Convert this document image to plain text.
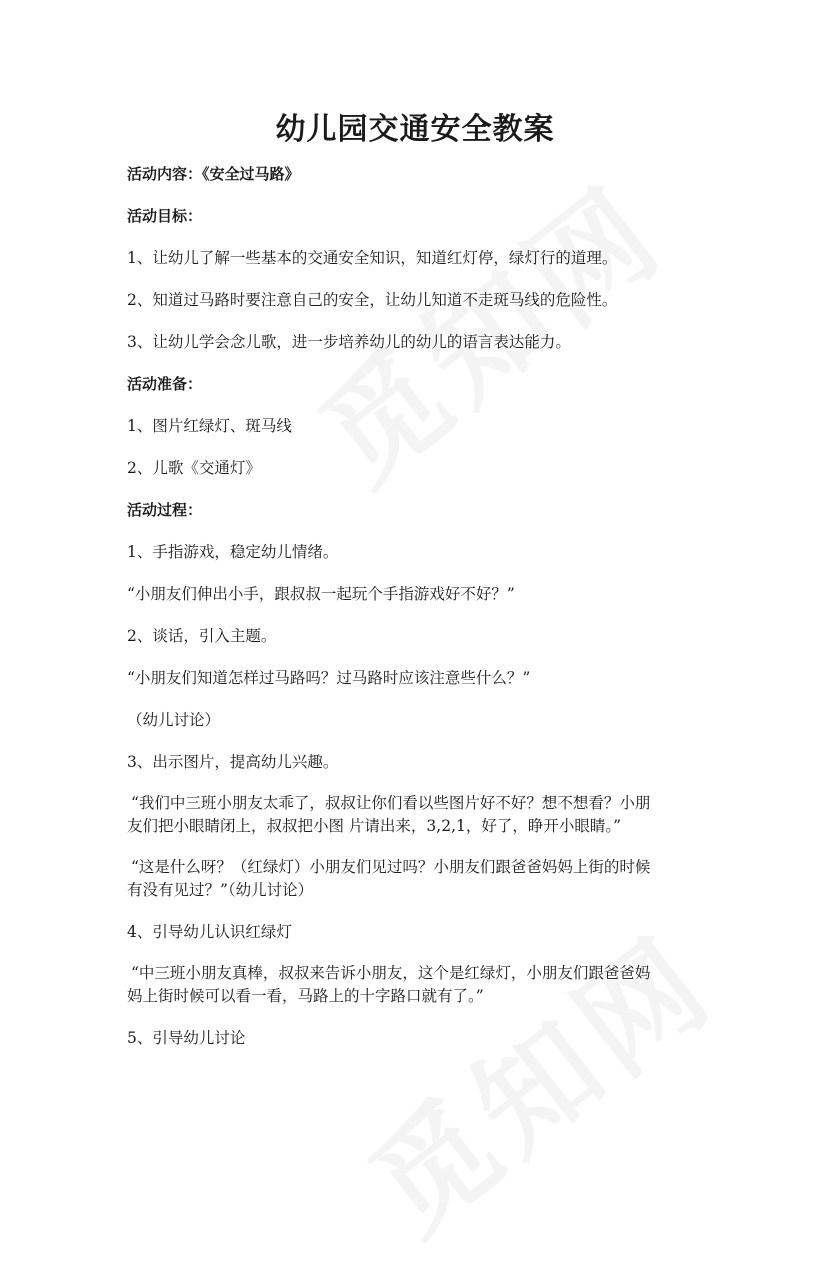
幼儿园交通安全教案
活动内容：《安全过马路》
活动目标：
1、让幼儿了解一些基本的交通安全知识，知道红灯停，绿灯行的道理。
2、知道过马路时要注意自己的安全，让幼儿知道不走斑马线的危险性。
3、让幼儿学会念儿歌，进一步培养幼儿的幼儿的语言表达能力。
活动准备：
1、图片红绿灯、斑马线
2、儿歌《交通灯》
活动过程：
1、手指游戏，稳定幼儿情绪。
“小朋友们伸出小手，跟叔叔一起玩个手指游戏好不好？”
2、谈话，引入主题。
“小朋友们知道怎样过马路吗？过马路时应该注意些什么？”
（幼儿讨论）
3、出示图片，提高幼儿兴趣。
“我们中三班小朋友太乖了，叔叔让你们看以些图片好不好？想不想看？小朋
友们把小眼睛闭上，叔叔把小图 片请出来，3,2,1，好了，睁开小眼睛。”
“这是什么呀？（红绿灯）小朋友们见过吗？小朋友们跟爸爸妈妈上街的时候
有没有见过？”（幼儿讨论）
4、引导幼儿认识红绿灯
“中三班小朋友真棒，叔叔来告诉小朋友，这个是红绿灯，小朋友们跟爸爸妈
妈上街时候可以看一看，马路上的十字路口就有了。”
5、引导幼儿讨论
